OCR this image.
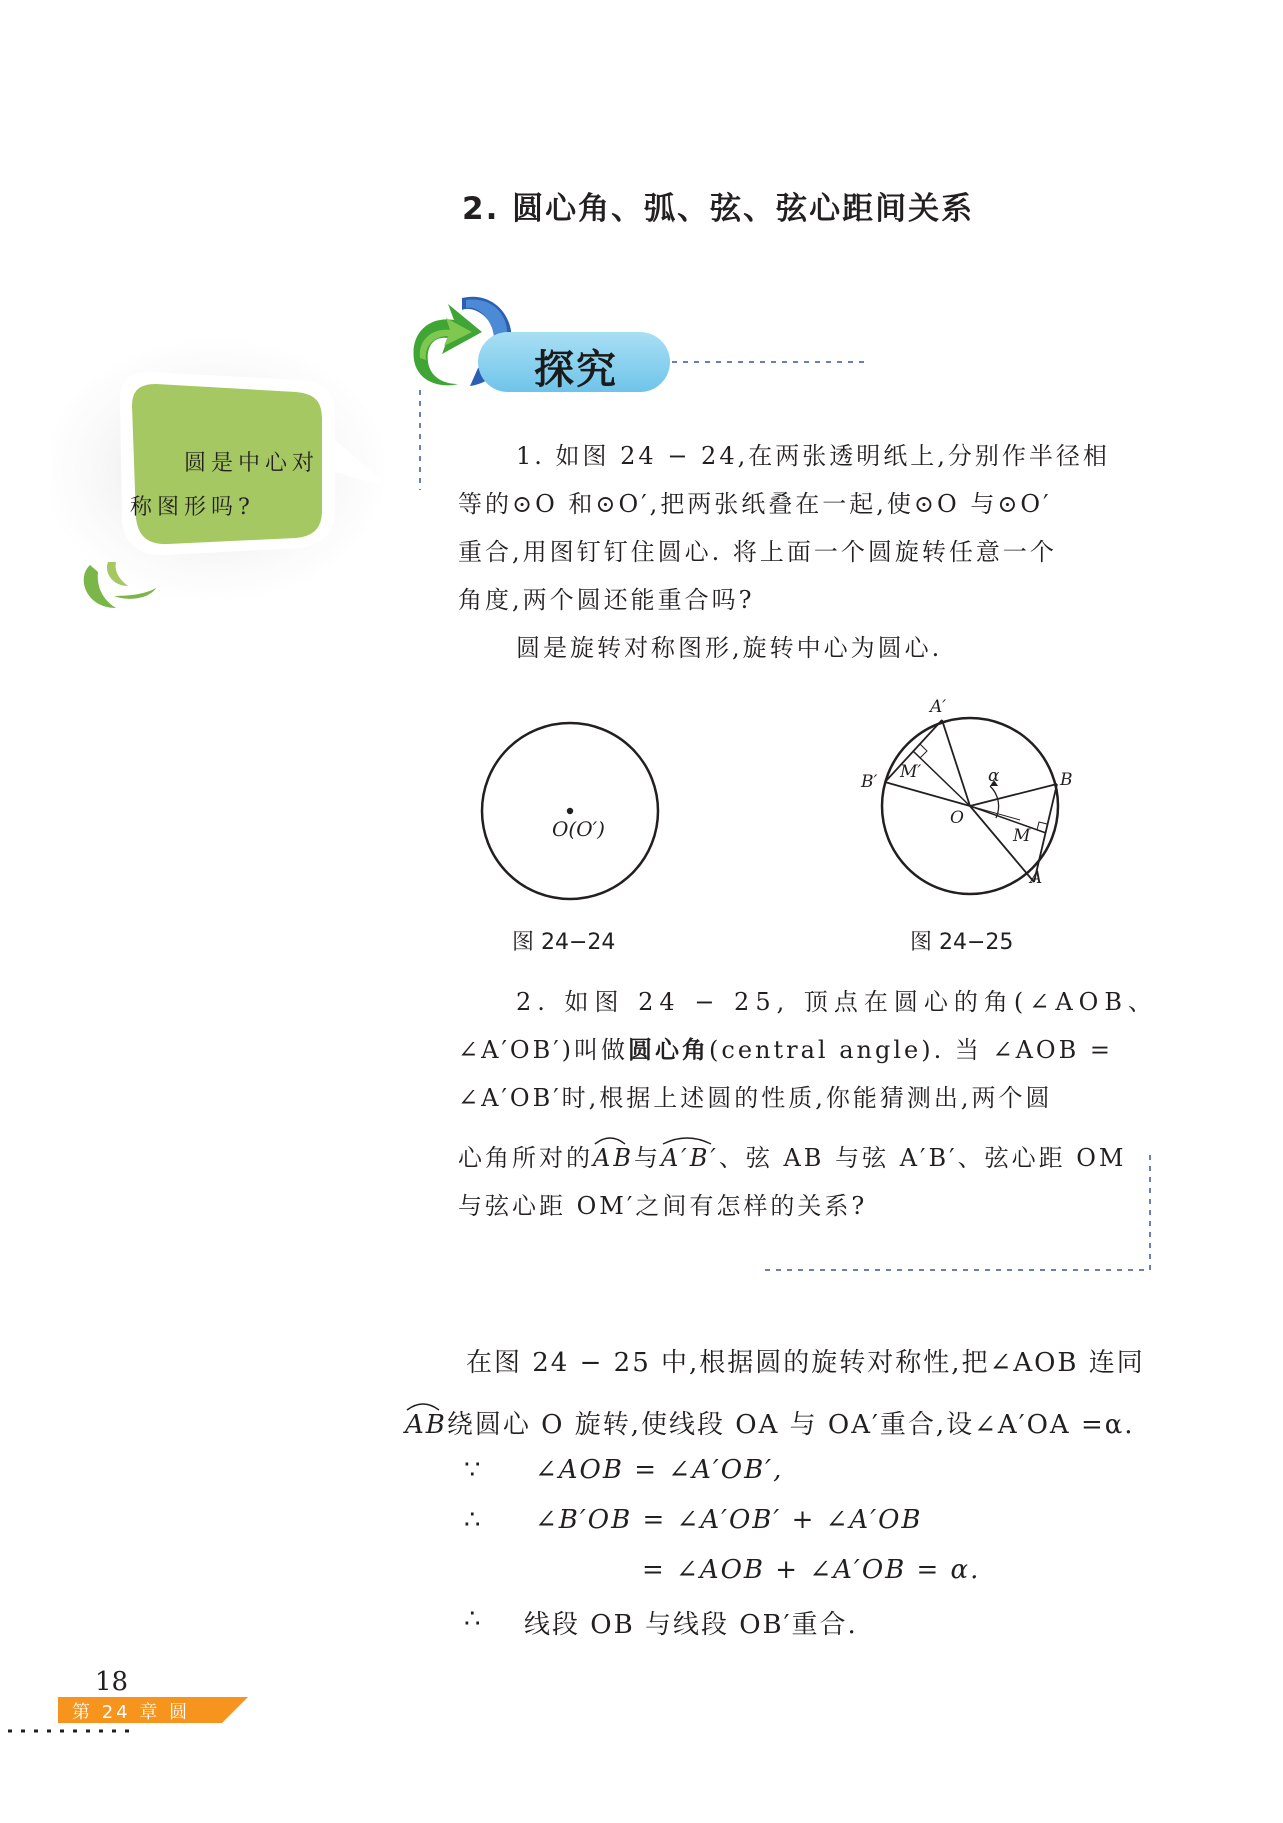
2. 圆心角、弧、弦、弦心距间关系
探究
圆是中心对
称图形吗?

1. 如图 24 − 24,在两张透明纸上,分别作半径相

等的⊙O 和⊙O′,把两张纸叠在一起,使⊙O 与⊙O′

重合,用图钉钉住圆心. 将上面一个圆旋转任意一个

角度,两个圆还能重合吗?

圆是旋转对称图形,旋转中心为圆心.

O(O′)
图 24−24
A′
B′ M′	α	B
O
M
A
图 24−25

2. 如图 24 − 25, 顶点在圆心的角(∠AOB、

∠A′OB′)叫做圆心角(central angle). 当 ∠AOB =

∠A′OB′时,根据上述圆的性质,你能猜测出,两个圆

心角所对的
AB与
A′B′、弦 AB 与弦 A′B′、弦心距 OM

与弦心距 OM′之间有怎样的关系?

在图 24 − 25 中,根据圆的旋转对称性,把∠AOB 连同

AB绕圆心 O 旋转,使线段 OA 与 OA′重合,设∠A′OA =α.

∵ ∠AOB = ∠A′OB′,
∴ ∠B′OB = ∠A′OB′ + ∠A′OB
= ∠AOB + ∠A′OB = α.
∴ 线段 OB 与线段 OB′重合.
18
第 24 章 圆
